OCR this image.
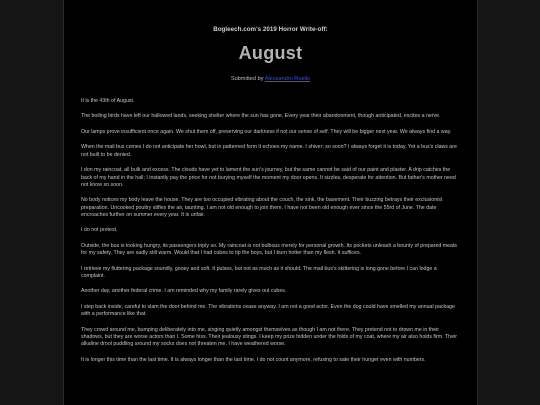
Bogleech.com's 2019 Horror Write-off:
August
Submitted by Alessandro Ruello

It is the 43th of August.

The boiling birds have left our hallowed lands, seeking shelter where the sun has gone. Every year their abandonment, though anticipated, excites a nerve.

Our lamps prove insufficient once again. We shut them off, preserving our darkness if not our sense of self. They will be bigger next year. We always find a way.

When the mail bus comes I do not anticipate her howl, but in patterned form it echoes my name. I shiver; so soon? I always forget it is today. Yet a bus's claws are not built to be denied.

I don my raincoat, all bulk and excess. The clouds have yet to lament the sun's journey, but the same cannot be said of our paint and plaster. A drip catches the back of my hand in the hall; I instantly pay the price for not burying myself the moment my door opens. It sizzles, desperate for attention. But father's mother need not know so soon.

No body notices my body leave the house. They are too occupied vibrating about the couch, the sink, the basement. Their buzzing betrays their exclusionist preparation. Uncooked poultry stifles the air, taunting. I am not old enough to join them. I have not been old enough ever since the 55rd of June. The date encroaches further on summer every year. It is unfair.

I do not protest.

Outside, the bus is looking hungry, its passengers triply so. My raincoat is not bulbous merely for personal growth. Its pockets unleash a bounty of prepared meats for my safety. They are sadly still warm. Would that I had cubes to tip the boys, but I burn hotter than my flesh. It suffices.

I retrieve my fluttering package soundly, gooey and soft. It pulses, but not as much as it should. The mail bus's skittering is long gone before I can lodge a complaint.

Another day, another federal crime. I am reminded why my family rarely gives out cubes.

I step back inside, careful to slam the door behind me. The vibrations cease anyway. I am not a good actor. Even the dog could have smelled my annual package with a performance like that.

They crowd around me, bumping deliberately into me, singing quietly amongst themselves as though I am not there. They pretend not to drown me in their shadows, but they are worse actors than I. Some hiss. Their jealousy stings. I keep my prize hidden under the folds of my coat, where my air also holds firm. Their alkaline drool puddling around my socks does not threaten me. I have weathered worse.

It is longer this time than the last time. It is always longer than the last time. I do not count anymore, refusing to sate their hunger even with numbers.
